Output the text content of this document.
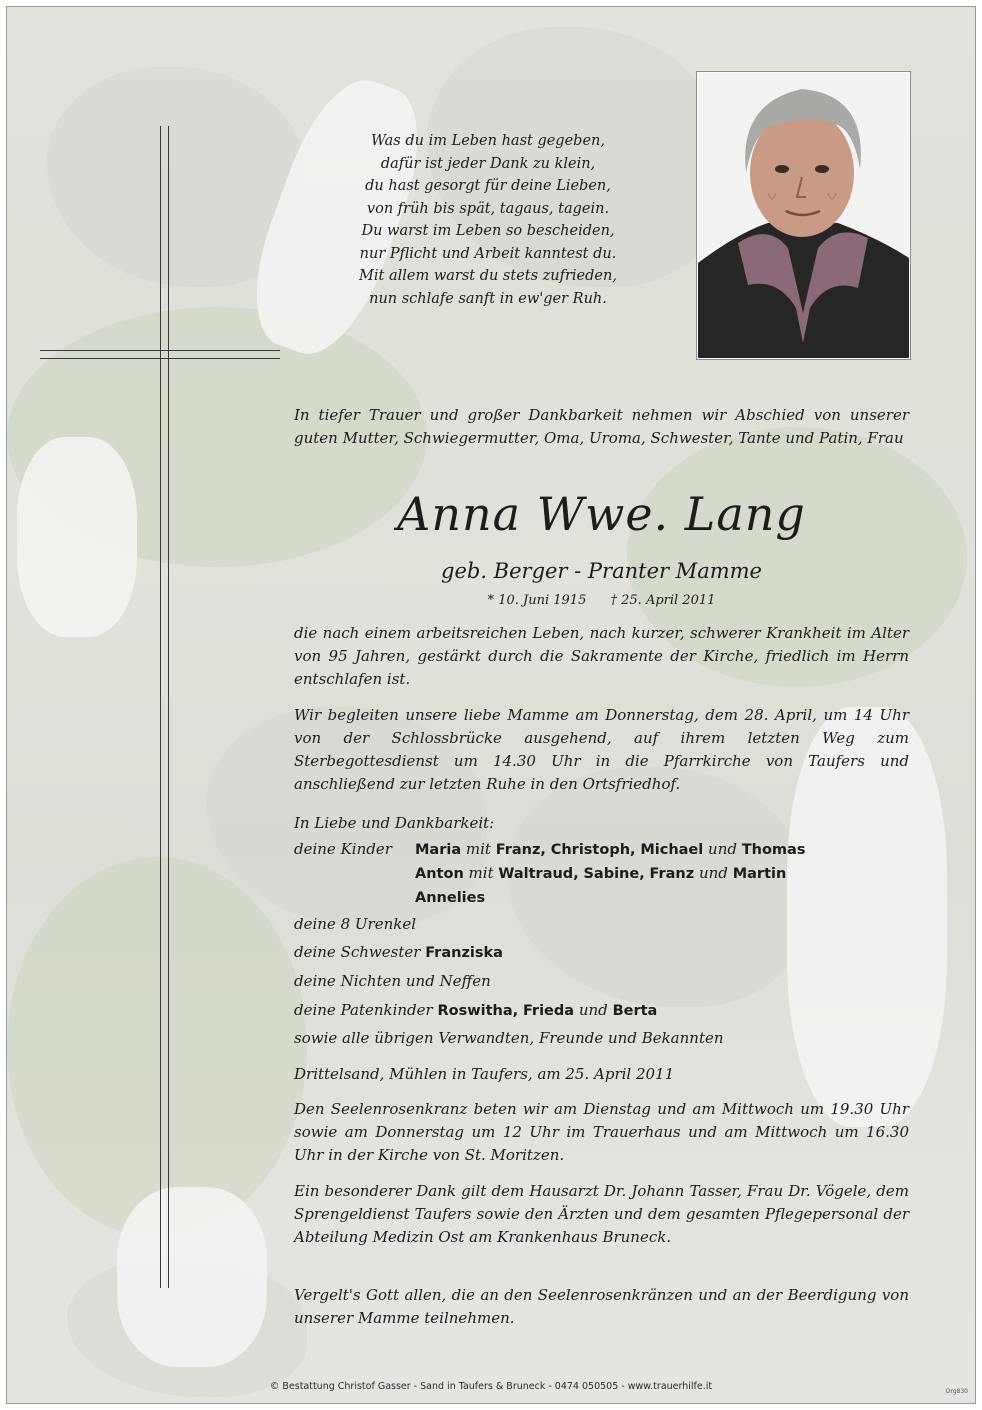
Was du im Leben hast gegeben,
dafür ist jeder Dank zu klein,
du hast gesorgt für deine Lieben,
von früh bis spät, tagaus, tagein.
Du warst im Leben so bescheiden,
nur Pflicht und Arbeit kanntest du.
Mit allem warst du stets zufrieden,
nun schlafe sanft in ew'ger Ruh.
In tiefer Trauer und großer Dankbarkeit nehmen wir Abschied von unserer guten Mutter, Schwiegermutter, Oma, Uroma, Schwester, Tante und Patin, Frau
Anna Wwe. Lang
geb. Berger - Pranter Mamme
* 10. Juni 1915 † 25. April 2011
die nach einem arbeitsreichen Leben, nach kurzer, schwerer Krankheit im Alter von 95 Jahren, gestärkt durch die Sakramente der Kirche, friedlich im Herrn entschlafen ist.
Wir begleiten unsere liebe Mamme am Donnerstag, dem 28. April, um 14 Uhr von der Schlossbrücke ausgehend, auf ihrem letzten Weg zum Sterbegottesdienst um 14.30 Uhr in die Pfarrkirche von Taufers und anschließend zur letzten Ruhe in den Ortsfriedhof.
In Liebe und Dankbarkeit:
deine Kinder Maria mit Franz, Christoph, Michael und Thomas
Anton mit Waltraud, Sabine, Franz und Martin
Annelies
deine 8 Urenkel
deine Schwester Franziska
deine Nichten und Neffen
deine Patenkinder Roswitha, Frieda und Berta
sowie alle übrigen Verwandten, Freunde und Bekannten
Drittelsand, Mühlen in Taufers, am 25. April 2011
Den Seelenrosenkranz beten wir am Dienstag und am Mittwoch um 19.30 Uhr sowie am Donnerstag um 12 Uhr im Trauerhaus und am Mittwoch um 16.30 Uhr in der Kirche von St. Moritzen.
Ein besonderer Dank gilt dem Hausarzt Dr. Johann Tasser, Frau Dr. Vögele, dem Sprengeldienst Taufers sowie den Ärzten und dem gesamten Pflegepersonal der Abteilung Medizin Ost am Krankenhaus Bruneck.
Vergelt's Gott allen, die an den Seelenrosenkränzen und an der Beerdigung von unserer Mamme teilnehmen.
© Bestattung Christof Gasser - Sand in Taufers & Bruneck - 0474 050505 - www.trauerhilfe.it	Org830
